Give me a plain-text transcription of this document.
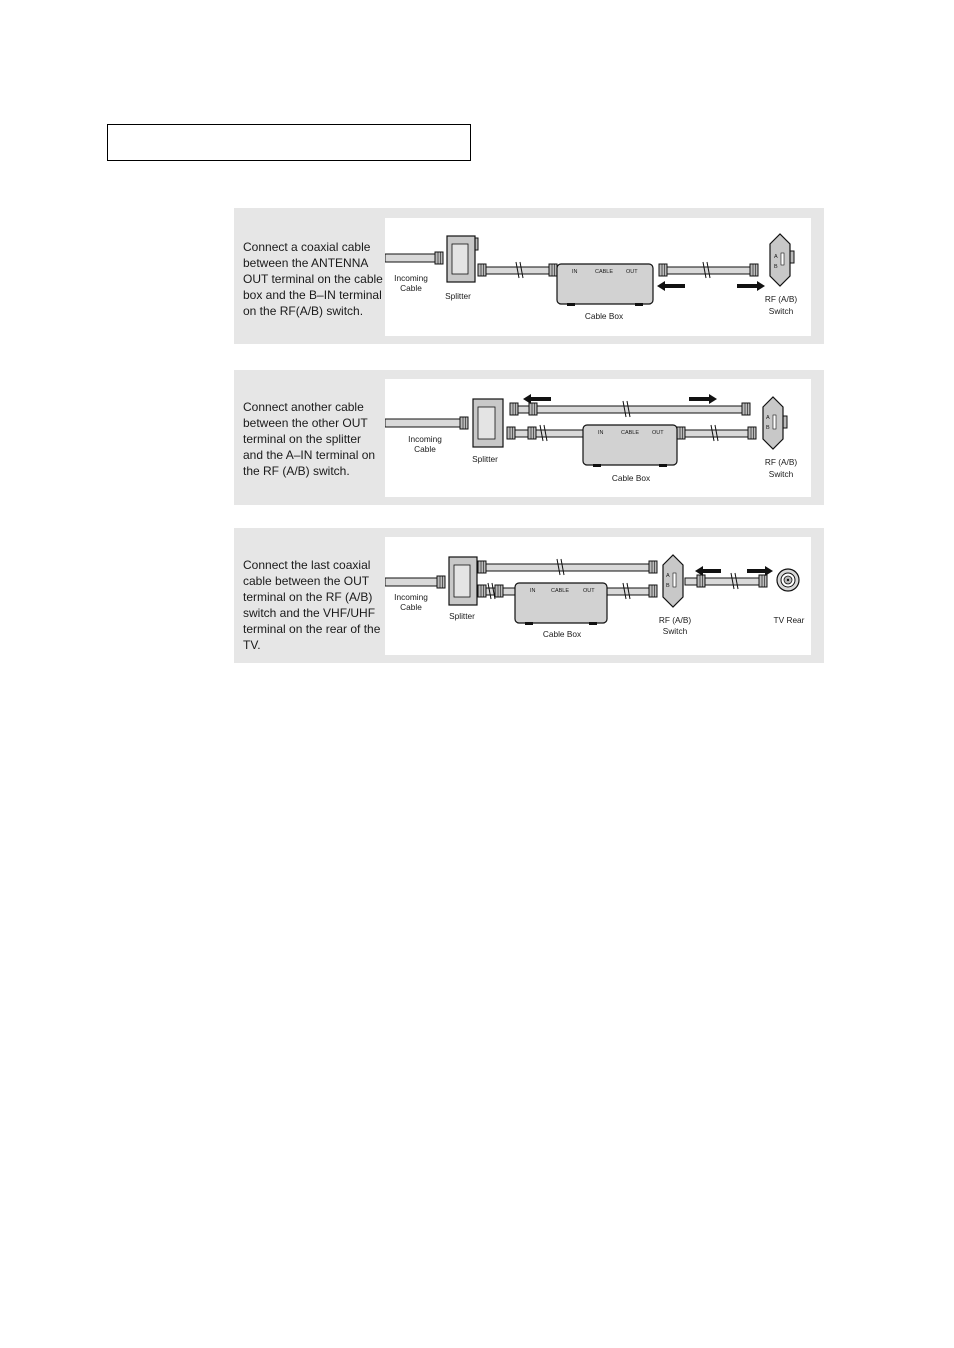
Connect a coaxial cable between the ANTENNA OUT terminal on the cable box and the B–IN terminal on the RF(A/B) switch.
IN	CABLE OUT
A
B
Incoming
Cable
Splitter
Cable Box
RF (A/B)
Switch
Connect another cable between the other OUT terminal on the splitter and the A–IN terminal on the RF (A/B) switch.
IN	CABLE OUT
A
B
Incoming
Cable
Splitter
Cable Box
RF (A/B)
Switch
Connect the last coaxial cable between the OUT terminal on the RF (A/B) switch and the VHF/UHF terminal on the rear of the TV.
IN	CABLE	OUT
A
B
Incoming
Cable
Splitter
Cable Box
RF (A/B)
Switch
TV Rear
